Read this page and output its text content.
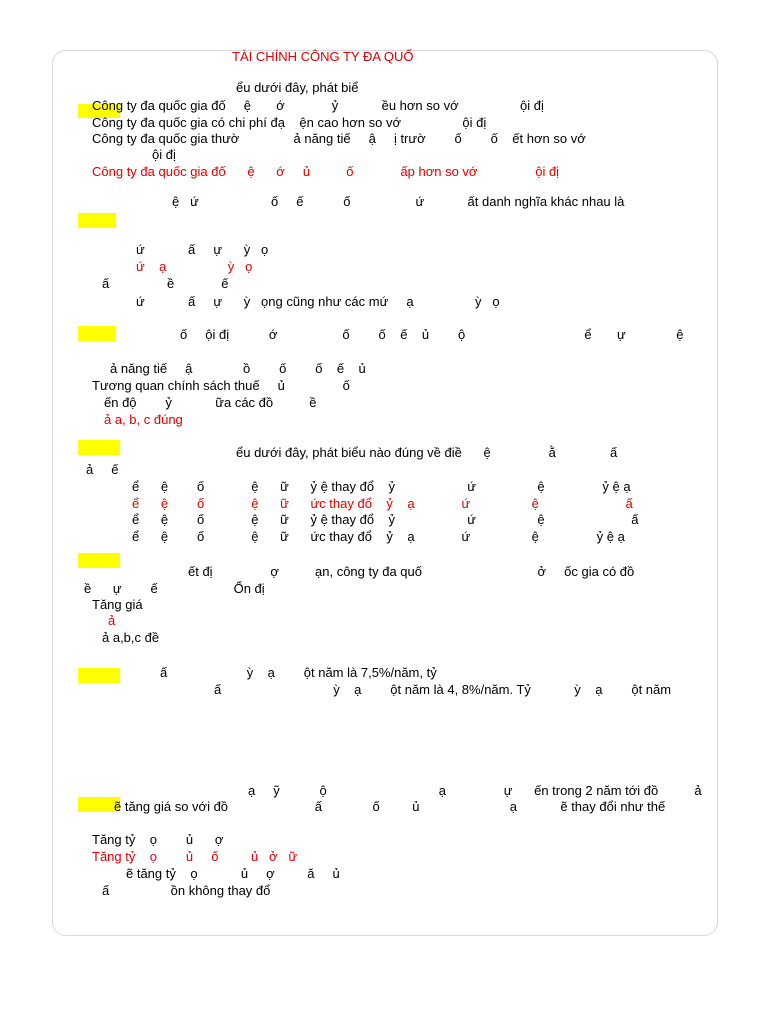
TÀI CHÍNH CÔNG TY ĐA QUỐ
ểu dưới đây, phát biể
Công ty đa quốc gia đố     ệ       ớ             ỷ            ều hơn so vớ                 ội đị
Công ty đa quốc gia có chi phí đạ    ện cao hơn so vớ                 ội đị
Công ty đa quốc gia thườ               ả năng tiế     ậ     ị trườ        ố        ố    ết hơn so vớ
ội đị
Công ty đa quốc gia đố      ệ      ớ     ủ          ố             ấp hơn so vớ                ội đị
ệ   ứ                    ố     ế           ố                  ứ            ất danh nghĩa khác nhau là
ứ            ấ     ự      ỳ   ọ
ứ    ạ                 ỳ   ọ
ấ                ề             ế
ứ            ấ     ự      ỳ   ọng cũng như các mứ     ạ                 ỳ   ọ
ố     ội đị           ớ                  ố        ố    ế    ủ        ộ                                 ể       ự              ệ
ả năng tiế     ậ              ồ        ố        ố    ế    ủ
Tương quan chính sách thuế     ủ                ố
ến độ        ỷ            ữa các đồ          ề
ả a, b, c đúng
ểu dưới đây, phát biểu nào đúng về điề      ệ                ằ               ấ
ả     ế
ể      ệ        ố             ệ      ữ      ỷ ệ thay đổ    ỷ                    ứ                 ệ                ỷ ệ ạ
ể      ệ        ố             ệ      ữ      ức thay đổ    ỷ    ạ             ứ                 ệ                        ấ
ể      ệ        ố             ệ      ữ      ỷ ệ thay đổ    ỷ                    ứ                 ệ                        ấ
ể      ệ        ố             ệ      ữ      ức thay đổ    ỷ    ạ             ứ                 ệ                ỷ ệ ạ
ết đị                ợ          ạn, công ty đa quố                                ở     ốc gia có đồ
ề      ự        ế                     Ổn đị
Tăng giá
ả
ả a,b,c đề
ấ                      ỳ    ạ        ột năm là 7,5%/năm, tỷ
ấ                               ỳ    ạ        ột năm là 4, 8%/năm. Tỷ            ỳ    ạ        ột năm
ạ     ỹ           ộ                               ạ                ự      ến trong 2 năm tới đồ          ả
ẽ tăng giá so với đồ                        ấ              ố         ủ                         ạ            ẽ thay đổi như thế
Tăng tỷ    ọ        ủ      ợ
Tăng tỷ    ọ        ủ     ố         ủ   ở   ữ
ẽ tăng tỷ    ọ            ủ     ợ         ă     ủ
ấ                 ồn không thay đổ
